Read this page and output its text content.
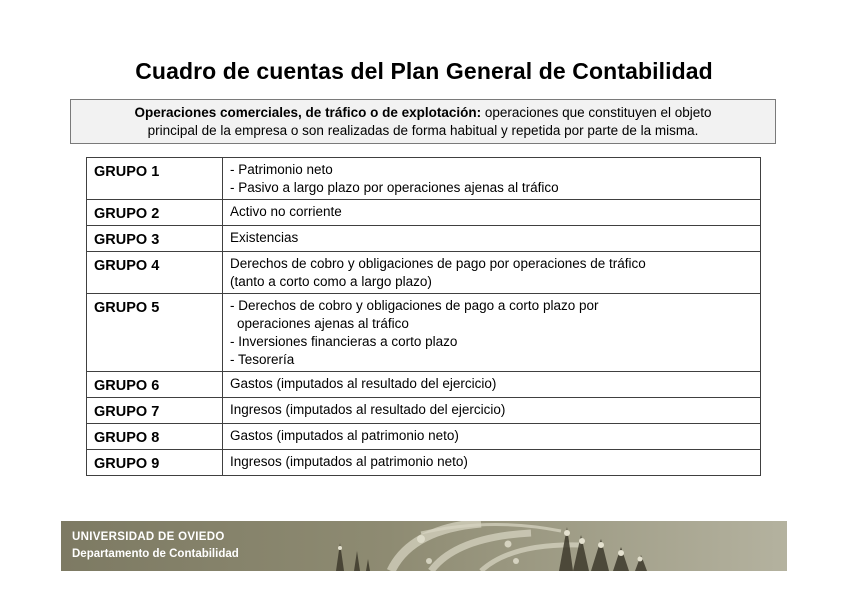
Cuadro de cuentas del Plan General de Contabilidad
Operaciones comerciales, de tráfico o de explotación: operaciones que constituyen el objeto
principal de la empresa o son realizadas de forma habitual y repetida por parte de la misma.
GRUPO 1	- Patrimonio neto
- Pasivo a largo plazo por operaciones ajenas al tráfico

GRUPO 2	Activo no corriente

GRUPO 3	Existencias

GRUPO 4	Derechos de cobro y obligaciones de pago por operaciones de tráfico
(tanto a corto como a largo plazo)

GRUPO 5	- Derechos de cobro y obligaciones de pago a corto plazo por
operaciones ajenas al tráfico
- Inversiones financieras a corto plazo
- Tesorería

GRUPO 6	Gastos (imputados al resultado del ejercicio)

GRUPO 7	Ingresos (imputados al resultado del ejercicio)

GRUPO 8	Gastos (imputados al patrimonio neto)

GRUPO 9	Ingresos (imputados al patrimonio neto)
UNIVERSIDAD DE OVIEDO
Departamento de Contabilidad
